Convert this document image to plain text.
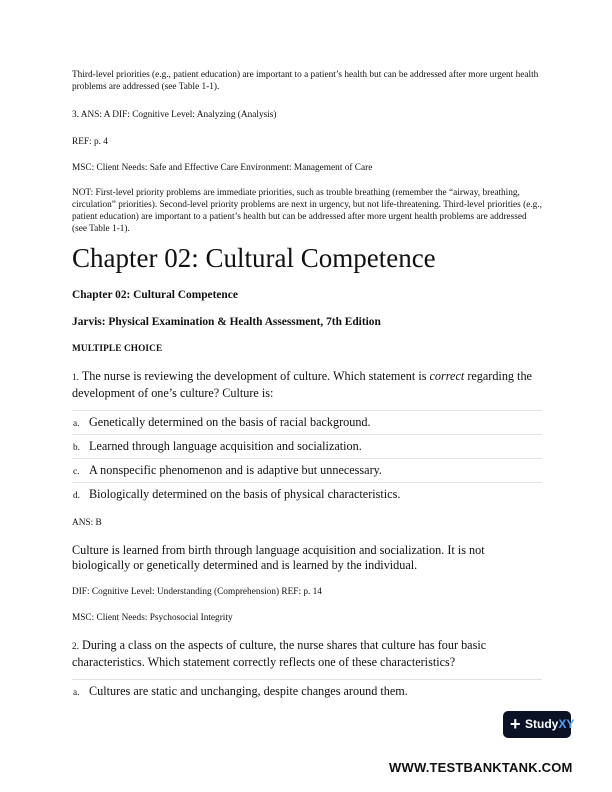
Third-level priorities (e.g., patient education) are important to a patient’s health but can be addressed after more urgent health problems are addressed (see Table 1-1).
3. ANS: A DIF: Cognitive Level: Analyzing (Analysis)
REF: p. 4
MSC: Client Needs: Safe and Effective Care Environment: Management of Care
NOT: First-level priority problems are immediate priorities, such as trouble breathing (remember the “airway, breathing, circulation” priorities). Second-level priority problems are next in urgency, but not life-threatening. Third-level priorities (e.g., patient education) are important to a patient’s health but can be addressed after more urgent health problems are addressed (see Table 1-1).
Chapter 02: Cultural Competence
Chapter 02: Cultural Competence
Jarvis: Physical Examination & Health Assessment, 7th Edition
MULTIPLE CHOICE
1. The nurse is reviewing the development of culture. Which statement is correct regarding the development of one’s culture? Culture is:
a. Genetically determined on the basis of racial background.
b. Learned through language acquisition and socialization.
c. A nonspecific phenomenon and is adaptive but unnecessary.
d. Biologically determined on the basis of physical characteristics.
ANS: B
Culture is learned from birth through language acquisition and socialization. It is not biologically or genetically determined and is learned by the individual.
DIF: Cognitive Level: Understanding (Comprehension) REF: p. 14
MSC: Client Needs: Psychosocial Integrity
2. During a class on the aspects of culture, the nurse shares that culture has four basic characteristics. Which statement correctly reflects one of these characteristics?
a. Cultures are static and unchanging, despite changes around them.
+ StudyXY
WWW.TESTBANKTANK.COM
